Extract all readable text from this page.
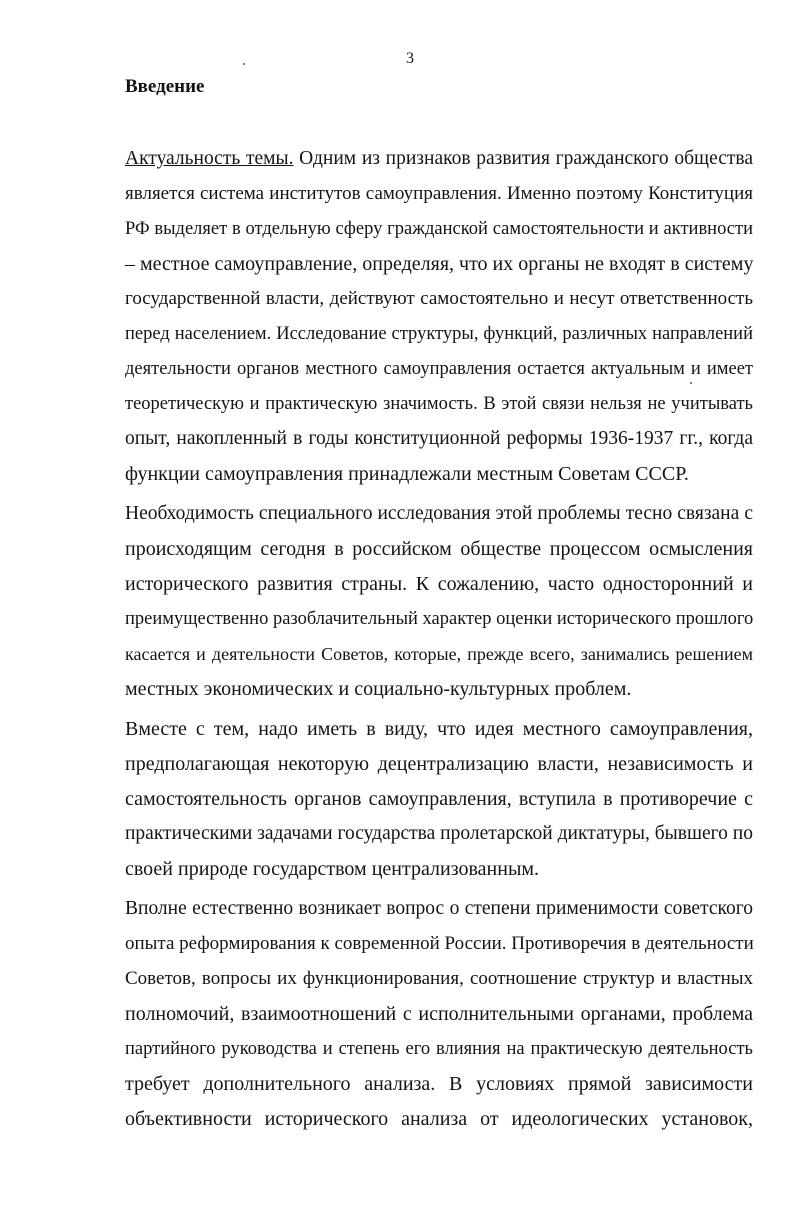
3
Введение
Актуальность темы. Одним из признаков развития гражданского общества
является система институтов самоуправления. Именно поэтому Конституция
РФ выделяет в отдельную сферу гражданской самостоятельности и активности
– местное самоуправление, определяя, что их органы не входят в систему
государственной власти, действуют самостоятельно и несут ответственность
перед населением. Исследование структуры, функций, различных направлений
деятельности органов местного самоуправления остается актуальным и имеет
теоретическую и практическую значимость. В этой связи нельзя не учитывать
опыт, накопленный в годы конституционной реформы 1936-1937 гг., когда
функции самоуправления принадлежали местным Советам СССР.
Необходимость специального исследования этой проблемы тесно связана с
происходящим сегодня в российском обществе процессом осмысления
исторического развития страны. К сожалению, часто односторонний и
преимущественно разоблачительный характер оценки исторического прошлого
касается и деятельности Советов, которые, прежде всего, занимались решением
местных экономических и социально-культурных проблем.
Вместе с тем, надо иметь в виду, что идея местного самоуправления,
предполагающая некоторую децентрализацию власти, независимость и
самостоятельность органов самоуправления, вступила в противоречие с
практическими задачами государства пролетарской диктатуры, бывшего по
своей природе государством централизованным.
Вполне естественно возникает вопрос о степени применимости советского
опыта реформирования к современной России. Противоречия в деятельности
Советов, вопросы их функционирования, соотношение структур и властных
полномочий, взаимоотношений с исполнительными органами, проблема
партийного руководства и степень его влияния на практическую деятельность
требует дополнительного анализа. В условиях прямой зависимости
объективности исторического анализа от идеологических установок,
